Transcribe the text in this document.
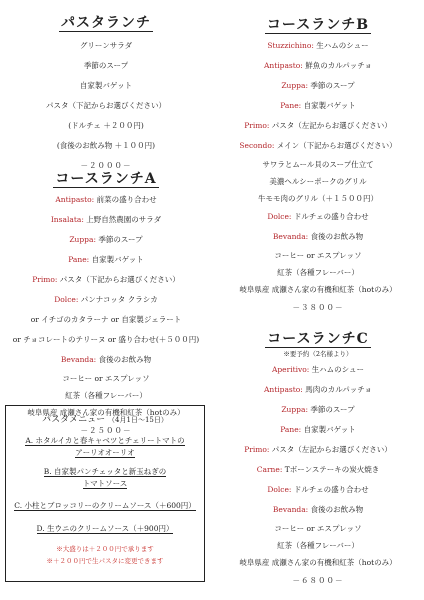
パスタランチ
グリーンサラダ
季節のスープ
自家製バゲット
パスタ（下記からお選びください）
(ドルチェ ＋２００円)
(食後のお飲み物 ＋１００円)
－２０００－
コースランチA
Antipasto: 前菜の盛り合わせ
Insalata: 上野自然農園のサラダ
Zuppa: 季節のスープ
Pane: 自家製バゲット
Primo: パスタ（下記からお選びください）
Dolce: パンナコッタ クラシカ
or イチゴのカタラーナ or 自家製ジェラート
or チョコレートのテリーヌ or 盛り合わせ(＋５００円)
Bevanda: 食後のお飲み物
コーヒー or エスプレッソ
紅茶（各種フレーバー）
岐阜県産 成瀬さん家の有機和紅茶（hotのみ）
－２５００－
パスタメニュー （4月1日〜15日）
A. ホタルイカと春キャベツとチェリートマトの
アーリオオーリオ
B. 自家製パンチェッタと新玉ねぎの
トマトソース
C. 小柱とブロッコリーのクリームソース（＋600円）
D. 生ウニのクリームソース（＋900円）
※大盛りは＋２００円で承ります
※＋２００円で生パスタに変更できます
コースランチB
Stuzzichino: 生ハムのシュー
Antipasto: 鮮魚のカルパッチョ
Zuppa: 季節のスープ
Pane: 自家製バゲット
Primo: パスタ（左記からお選びください）
Secondo: メイン（下記からお選びください）
サワラとムール貝のスープ仕立て
美濃ヘルシーポークのグリル
牛モモ肉のグリル（＋１５００円）
Dolce: ドルチェの盛り合わせ
Bevanda: 食後のお飲み物
コーヒー or エスプレッソ
紅茶（各種フレーバー）
岐阜県産 成瀬さん家の有機和紅茶（hotのみ）
－３８００－
コースランチC
※要予約（2名様より）
Aperitivo: 生ハムのシュー
Antipasto: 馬肉のカルパッチョ
Zuppa: 季節のスープ
Pane: 自家製バゲット
Primo: パスタ（左記からお選びください）
Carne: Tボーンステーキの炭火焼き
Dolce: ドルチェの盛り合わせ
Bevanda: 食後のお飲み物
コーヒー or エスプレッソ
紅茶（各種フレーバー）
岐阜県産 成瀬さん家の有機和紅茶（hotのみ）
－６８００－
